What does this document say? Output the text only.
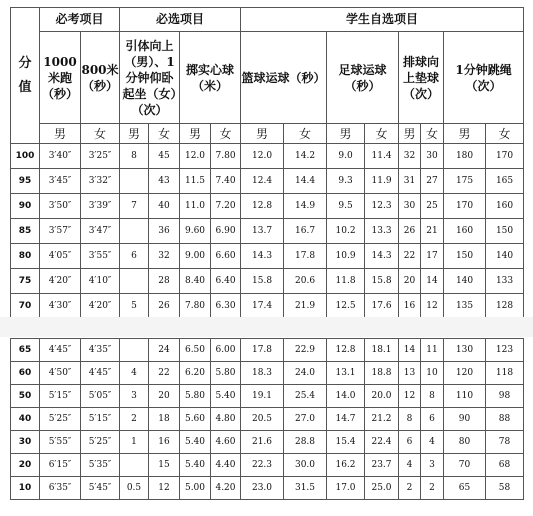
分
值	必考项目		必选项目				学生自选项目							
	1000米跑（秒）	800米（秒）	引体向上（男）、1分钟仰卧起坐（女）（次）		掷实心球（米）		篮球运球（秒）		足球运球（秒）		排球向上垫球（次）		1分钟跳绳（次）	
	男	女	男	女	男	女	男	女	男	女	男	女	男	女
100	3′40″	3′25″	8	45	12.0	7.80	12.0	14.2	9.0	11.4	32	30	180	170
95	3′45″	3′32″		43	11.5	7.40	12.4	14.4	9.3	11.9	31	27	175	165
90	3′50″	3′39″	7	40	11.0	7.20	12.8	14.9	9.5	12.3	30	25	170	160
85	3′57″	3′47″		36	9.60	6.90	13.7	16.7	10.2	13.3	26	21	160	150
80	4′05″	3′55″	6	32	9.00	6.60	14.3	17.8	10.9	14.3	22	17	150	140
75	4′20″	4′10″		28	8.40	6.40	15.8	20.6	11.8	15.8	20	14	140	133
70	4′30″	4′20″	5	26	7.80	6.30	17.4	21.9	12.5	17.6	16	12	135	128
65	4′45″	4′35″		24	6.50	6.00	17.8	22.9	12.8	18.1	14	11	130	123
60	4′50″	4′45″	4	22	6.20	5.80	18.3	24.0	13.1	18.8	13	10	120	118
50	5′15″	5′05″	3	20	5.80	5.40	19.1	25.4	14.0	20.0	12	8	110	98
40	5′25″	5′15″	2	18	5.60	4.80	20.5	27.0	14.7	21.2	8	6	90	88
30	5′55″	5′25″	1	16	5.40	4.60	21.6	28.8	15.4	22.4	6	4	80	78
20	6′15″	5′35″		15	5.40	4.40	22.3	30.0	16.2	23.7	4	3	70	68
10	6′35″	5′45″	0.5	12	5.00	4.20	23.0	31.5	17.0	25.0	2	2	65	58
